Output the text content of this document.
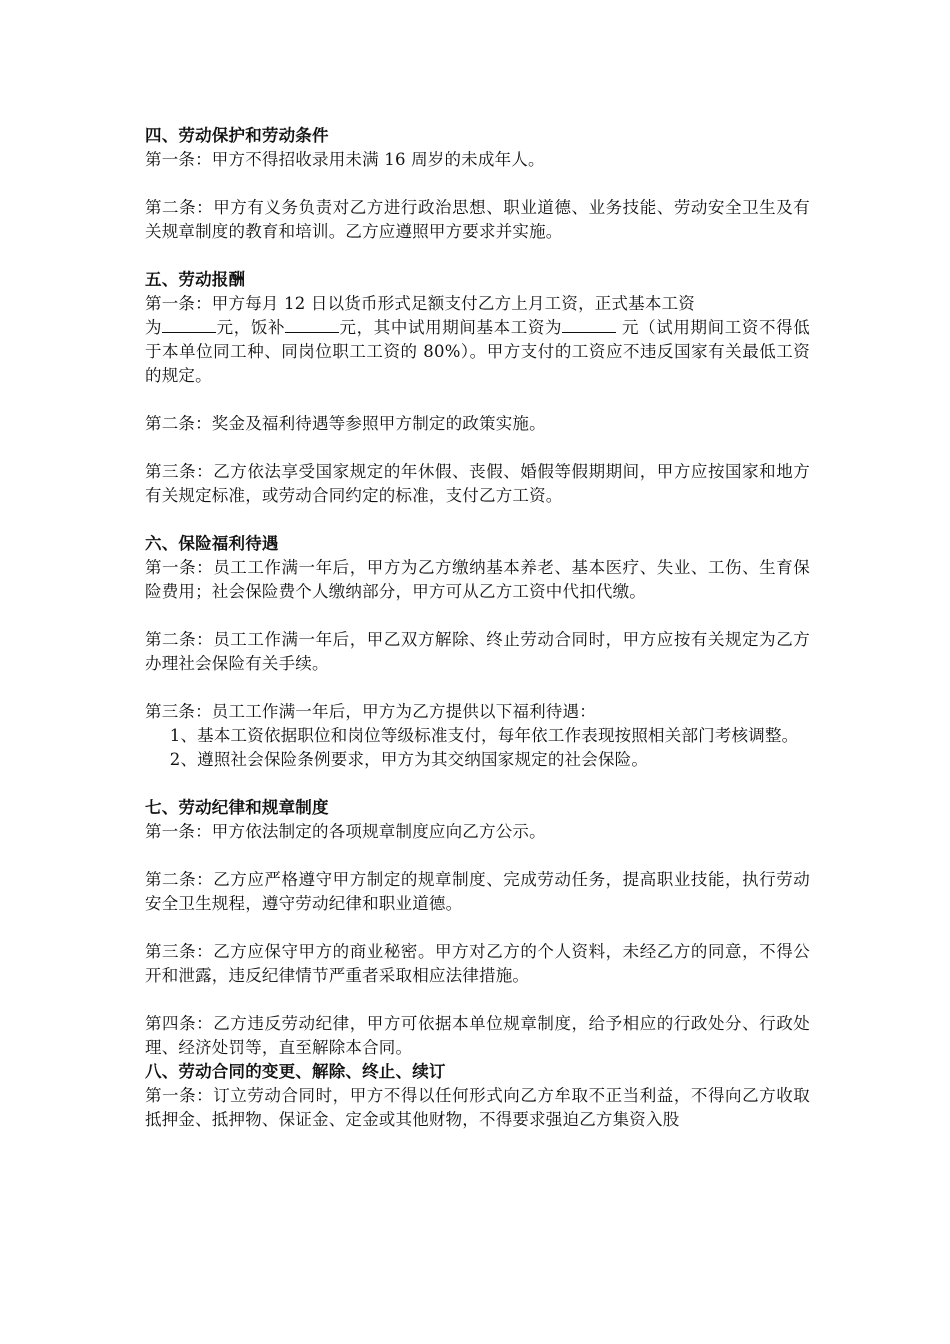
四、劳动保护和劳动条件

第一条：甲方不得招收录用未满 16 周岁的未成年人。

第二条：甲方有义务负责对乙方进行政治思想、职业道德、业务技能、劳动安全卫生及有关规章制度的教育和培训。乙方应遵照甲方要求并实施。

五、劳动报酬

第一条：甲方每月 12 日以货币形式足额支付乙方上月工资，正式基本工资
为	元，饭补	元，其中试用期间基本工资为	元（试用期间工资不得低于本单位同工种、同岗位职工工资的 80%）。甲方支付的工资应不违反国家有关最低工资的规定。

第二条：奖金及福利待遇等参照甲方制定的政策实施。

第三条：乙方依法享受国家规定的年休假、丧假、婚假等假期期间，甲方应按国家和地方有关规定标准，或劳动合同约定的标准，支付乙方工资。

六、保险福利待遇

第一条：员工工作满一年后，甲方为乙方缴纳基本养老、基本医疗、失业、工伤、生育保险费用；社会保险费个人缴纳部分，甲方可从乙方工资中代扣代缴。

第二条：员工工作满一年后，甲乙双方解除、终止劳动合同时，甲方应按有关规定为乙方办理社会保险有关手续。

第三条：员工工作满一年后，甲方为乙方提供以下福利待遇：

1、基本工资依据职位和岗位等级标准支付，每年依工作表现按照相关部门考核调整。

2、遵照社会保险条例要求，甲方为其交纳国家规定的社会保险。

七、劳动纪律和规章制度

第一条：甲方依法制定的各项规章制度应向乙方公示。

第二条：乙方应严格遵守甲方制定的规章制度、完成劳动任务，提高职业技能，执行劳动安全卫生规程，遵守劳动纪律和职业道德。

第三条：乙方应保守甲方的商业秘密。甲方对乙方的个人资料，未经乙方的同意，不得公开和泄露，违反纪律情节严重者采取相应法律措施。

第四条：乙方违反劳动纪律，甲方可依据本单位规章制度，给予相应的行政处分、行政处理、经济处罚等，直至解除本合同。

八、劳动合同的变更、解除、终止、续订

第一条：订立劳动合同时，甲方不得以任何形式向乙方牟取不正当利益，不得向乙方收取抵押金、抵押物、保证金、定金或其他财物，不得要求强迫乙方集资入股
